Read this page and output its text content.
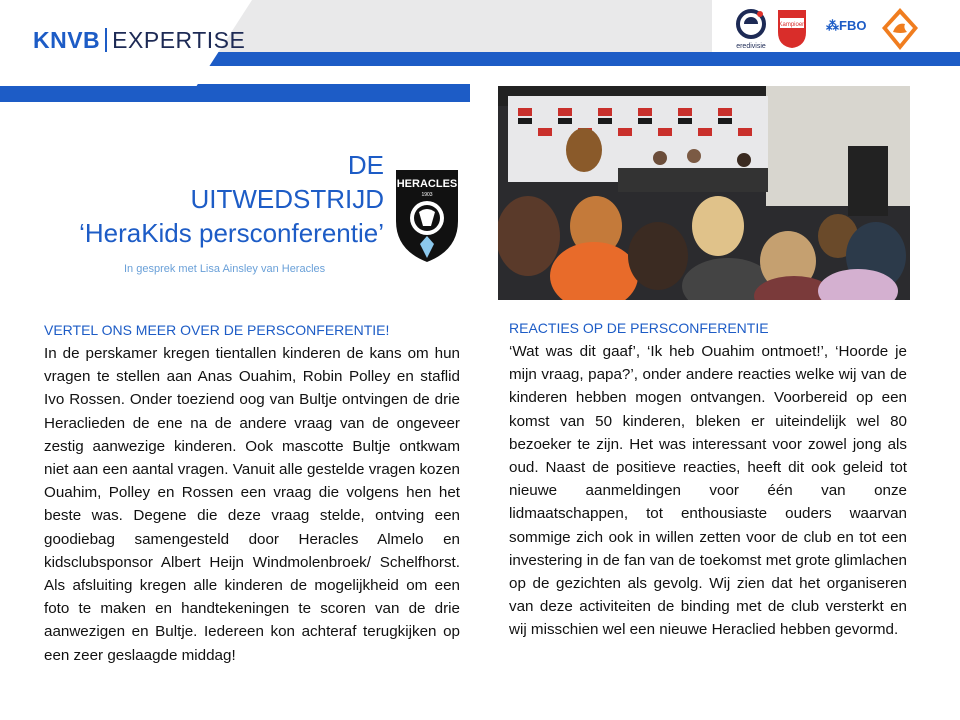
KNVB EXPERTISE	eredivisie
Kampioen ⁂FBO
DE
UITWEDSTRIJD
‘HeraKids persconferentie’
In gesprek met Lisa Ainsley van Heracles
HERACLES
1903
VERTEL ONS MEER OVER DE PERSCONFERENTIE!

In de perskamer kregen tientallen kinderen de kans om hun vragen te stellen aan Anas Ouahim, Robin Polley en staflid Ivo Rossen. Onder toeziend oog van Bultje ontvingen de drie Heraclieden de ene na de andere vraag van de ongeveer zestig aanwezige kinderen. Ook mascotte Bultje ontkwam niet aan een aantal vragen. Vanuit alle gestelde vragen kozen Ouahim, Polley en Rossen een vraag die volgens hen het beste was. Degene die deze vraag stelde, ontving een goodiebag samengesteld door Heracles Almelo en kidsclubsponsor Albert Heijn Windmolenbroek/ Schelfhorst. Als afsluiting kregen alle kinderen de mogelijkheid om een foto te maken en handtekeningen te scoren van de drie aanwezigen en Bultje. Iedereen kon achteraf terugkijken op een zeer geslaagde middag!

REACTIES OP DE PERSCONFERENTIE

‘Wat was dit gaaf’, ‘Ik heb Ouahim ontmoet!’, ‘Hoorde je mijn vraag, papa?’, onder andere reacties welke wij van de kinderen hebben mogen ontvangen. Voorbereid op een komst van 50 kinderen, bleken er uiteindelijk wel 80 bezoeker te zijn. Het was interessant voor zowel jong als oud. Naast de positieve reacties, heeft dit ook geleid tot nieuwe aanmeldingen voor één van onze lidmaatschappen, tot enthousiaste ouders waarvan sommige zich ook in willen zetten voor de club en tot een investering in de fan van de toekomst met grote glimlachen op de gezichten als gevolg. Wij zien dat het organiseren van deze activiteiten de binding met de club versterkt en wij misschien wel een nieuwe Heraclied hebben gevormd.
